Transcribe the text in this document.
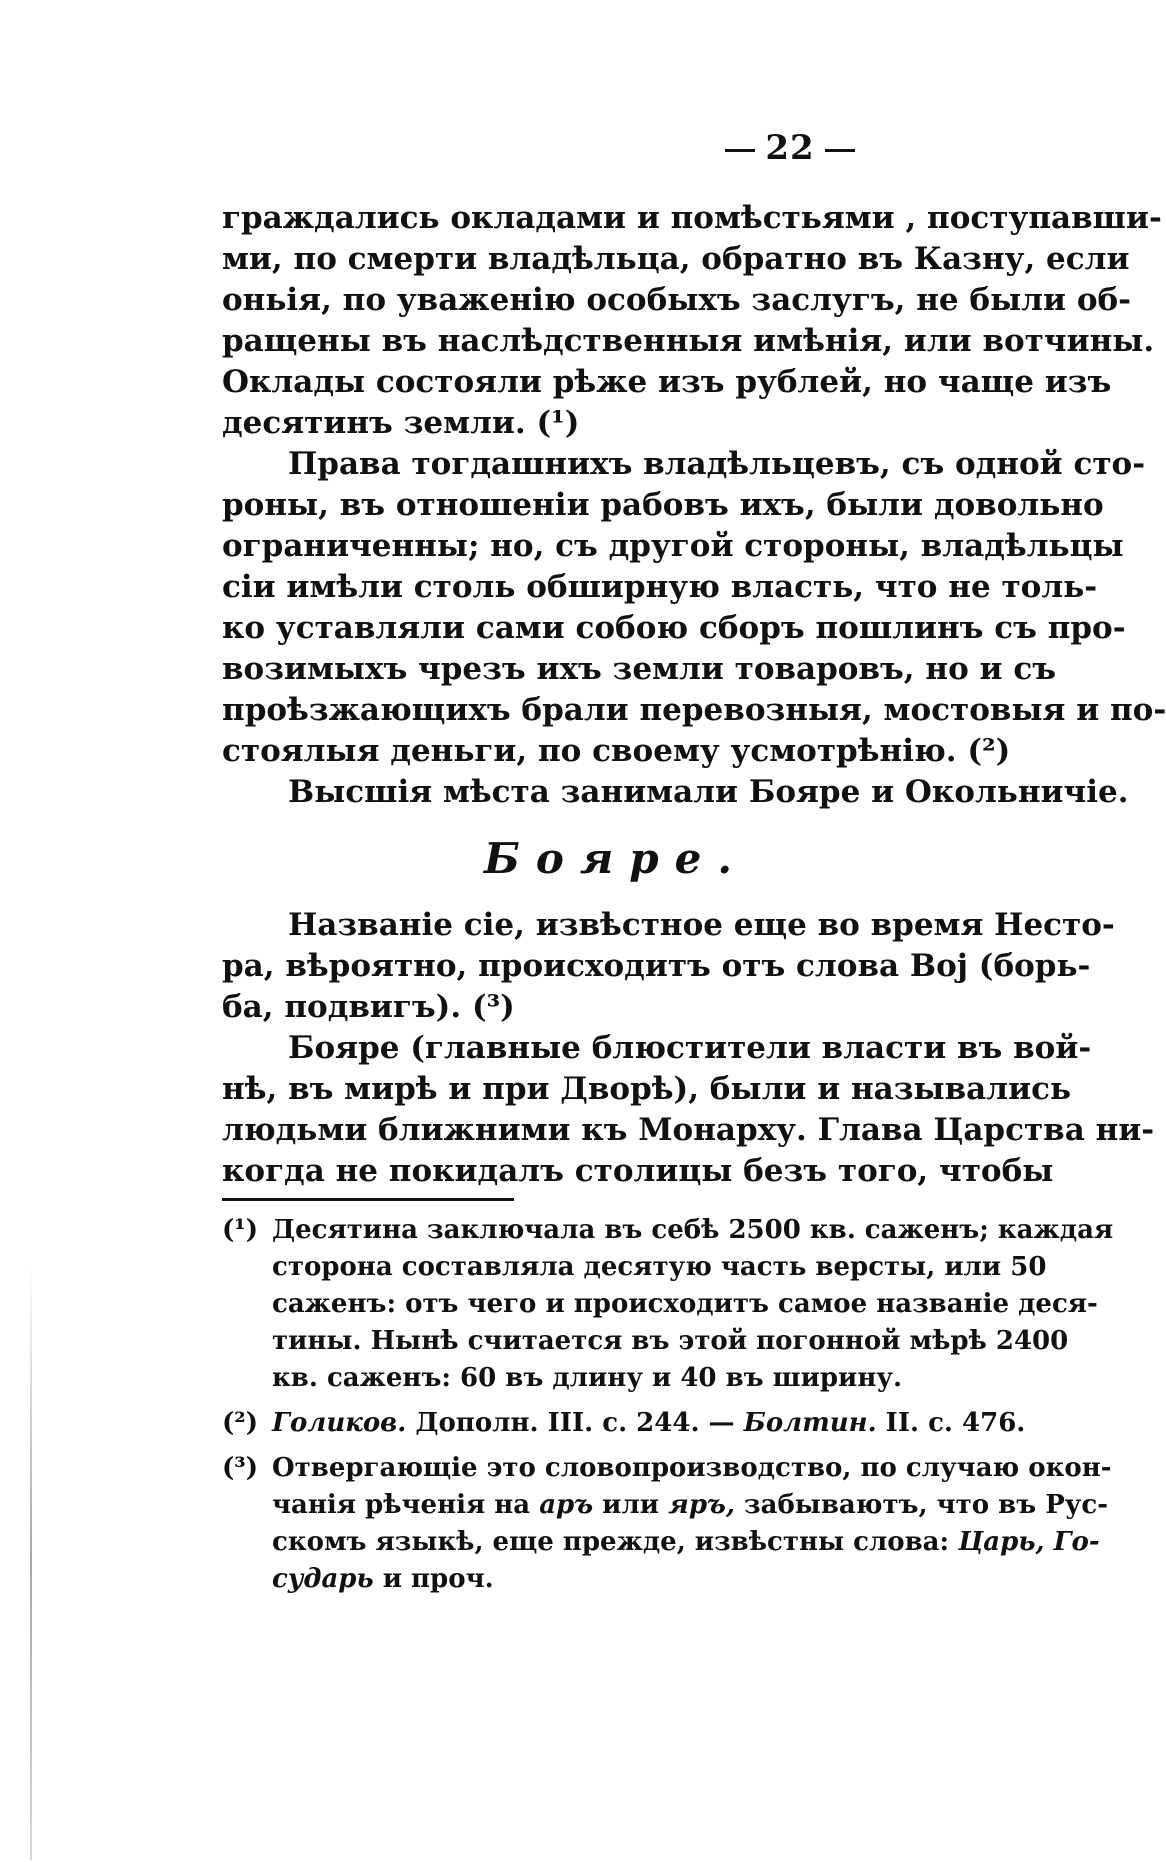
22
граждались окладами и помѣстьями , поступавши-
ми, по смерти владѣльца, обратно въ Казну, если
оньія, по уваженію особыхъ заслугъ, не были об-
ращены въ наслѣдственныя имѣнія, или вотчины.
Оклады состояли рѣже изъ рублей, но чаще изъ
десятинъ земли. (¹)
Права тогдашнихъ владѣльцевъ, съ одной сто-
роны, въ отношеніи рабовъ ихъ, были довольно
ограниченны; но, съ другой стороны, владѣльцы
сіи имѣли столь обширную власть, что не толь-
ко уставляли сами собою сборъ пошлинъ съ про-
возимыхъ чрезъ ихъ земли товаровъ, но и съ
проѣзжающихъ брали перевозныя, мостовыя и по-
стоялыя деньги, по своему усмотрѣнію. (²)
Высшія мѣста занимали Бояре и Окольничіе.
Бояре.
Названіе сіе, извѣстное еще во время Несто-
ра, вѣроятно, происходитъ отъ слова Boj (борь-
ба, подвигъ). (³)
Бояре (главные блюстители власти въ вой-
нѣ, въ мирѣ и при Дворѣ), были и назывались
людьми ближними къ Монарху. Глава Царства ни-
когда не покидалъ столицы безъ того, чтобы
(¹) Десятина заключала въ себѣ 2500 кв. саженъ; каждая
сторона составляла десятую часть версты, или 50
саженъ: отъ чего и происходитъ самое названіе деся-
тины. Нынѣ считается въ этой погонной мѣрѣ 2400
кв. саженъ: 60 въ длину и 40 въ ширину.
(²) Голиков. Дополн. III. с. 244. — Болтин. II. с. 476.
(³) Отвергающіе это словопроизводство, по случаю окон-
чанія рѣченія на аръ или яръ, забываютъ, что въ Рус-
скомъ языкѣ, еще прежде, извѣстны слова: Царь, Го-
сударь и проч.
